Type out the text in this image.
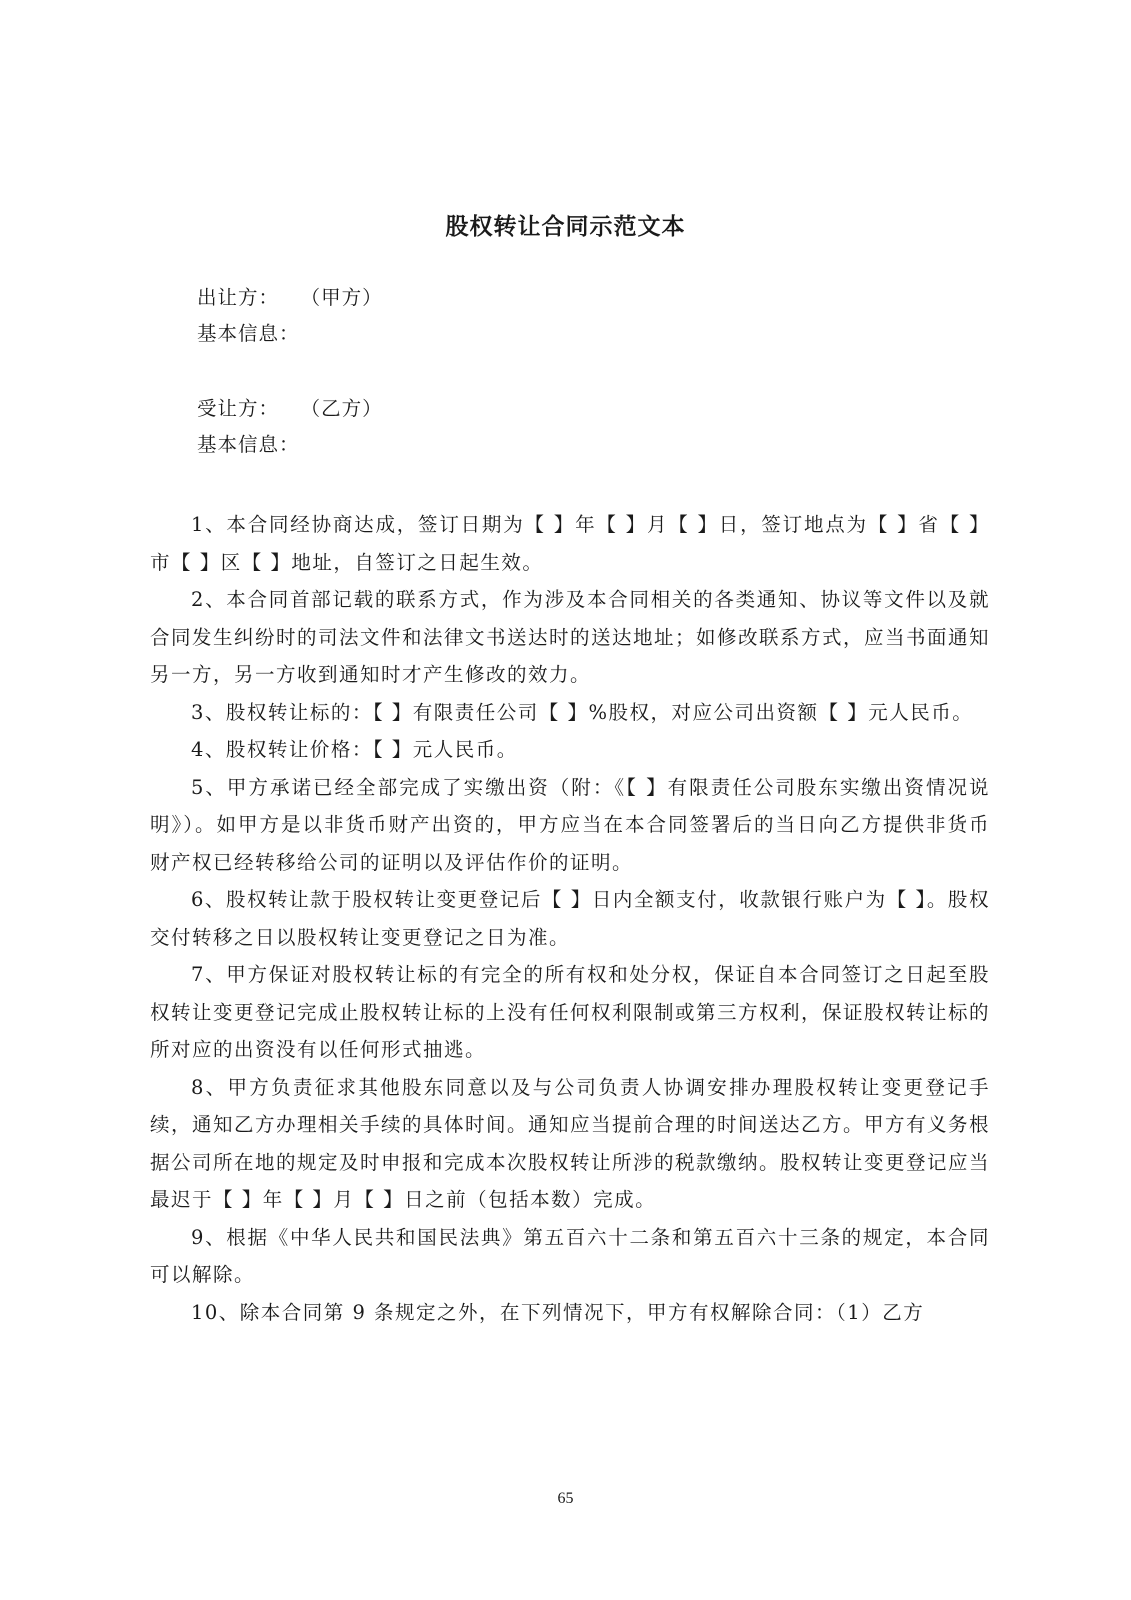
股权转让合同示范文本
出让方：   （甲方）
基本信息：
受让方：   （乙方）
基本信息：

1、本合同经协商达成，签订日期为【 】年【 】月【 】日，签订地点为【 】省【 】市【 】区【 】地址，自签订之日起生效。

2、本合同首部记载的联系方式，作为涉及本合同相关的各类通知、协议等文件以及就合同发生纠纷时的司法文件和法律文书送达时的送达地址；如修改联系方式，应当书面通知另一方，另一方收到通知时才产生修改的效力。

3、股权转让标的：【 】有限责任公司【 】%股权，对应公司出资额【 】元人民币。

4、股权转让价格：【 】元人民币。

5、甲方承诺已经全部完成了实缴出资（附：《【 】有限责任公司股东实缴出资情况说明》）。如甲方是以非货币财产出资的，甲方应当在本合同签署后的当日向乙方提供非货币财产权已经转移给公司的证明以及评估作价的证明。

6、股权转让款于股权转让变更登记后【 】日内全额支付，收款银行账户为【 】。股权交付转移之日以股权转让变更登记之日为准。

7、甲方保证对股权转让标的有完全的所有权和处分权，保证自本合同签订之日起至股权转让变更登记完成止股权转让标的上没有任何权利限制或第三方权利，保证股权转让标的所对应的出资没有以任何形式抽逃。

8、甲方负责征求其他股东同意以及与公司负责人协调安排办理股权转让变更登记手续，通知乙方办理相关手续的具体时间。通知应当提前合理的时间送达乙方。甲方有义务根据公司所在地的规定及时申报和完成本次股权转让所涉的税款缴纳。股权转让变更登记应当最迟于【 】年【 】月【 】日之前（包括本数）完成。

9、根据《中华人民共和国民法典》第五百六十二条和第五百六十三条的规定，本合同可以解除。

10、除本合同第 9 条规定之外，在下列情况下，甲方有权解除合同：（1）乙方

65
